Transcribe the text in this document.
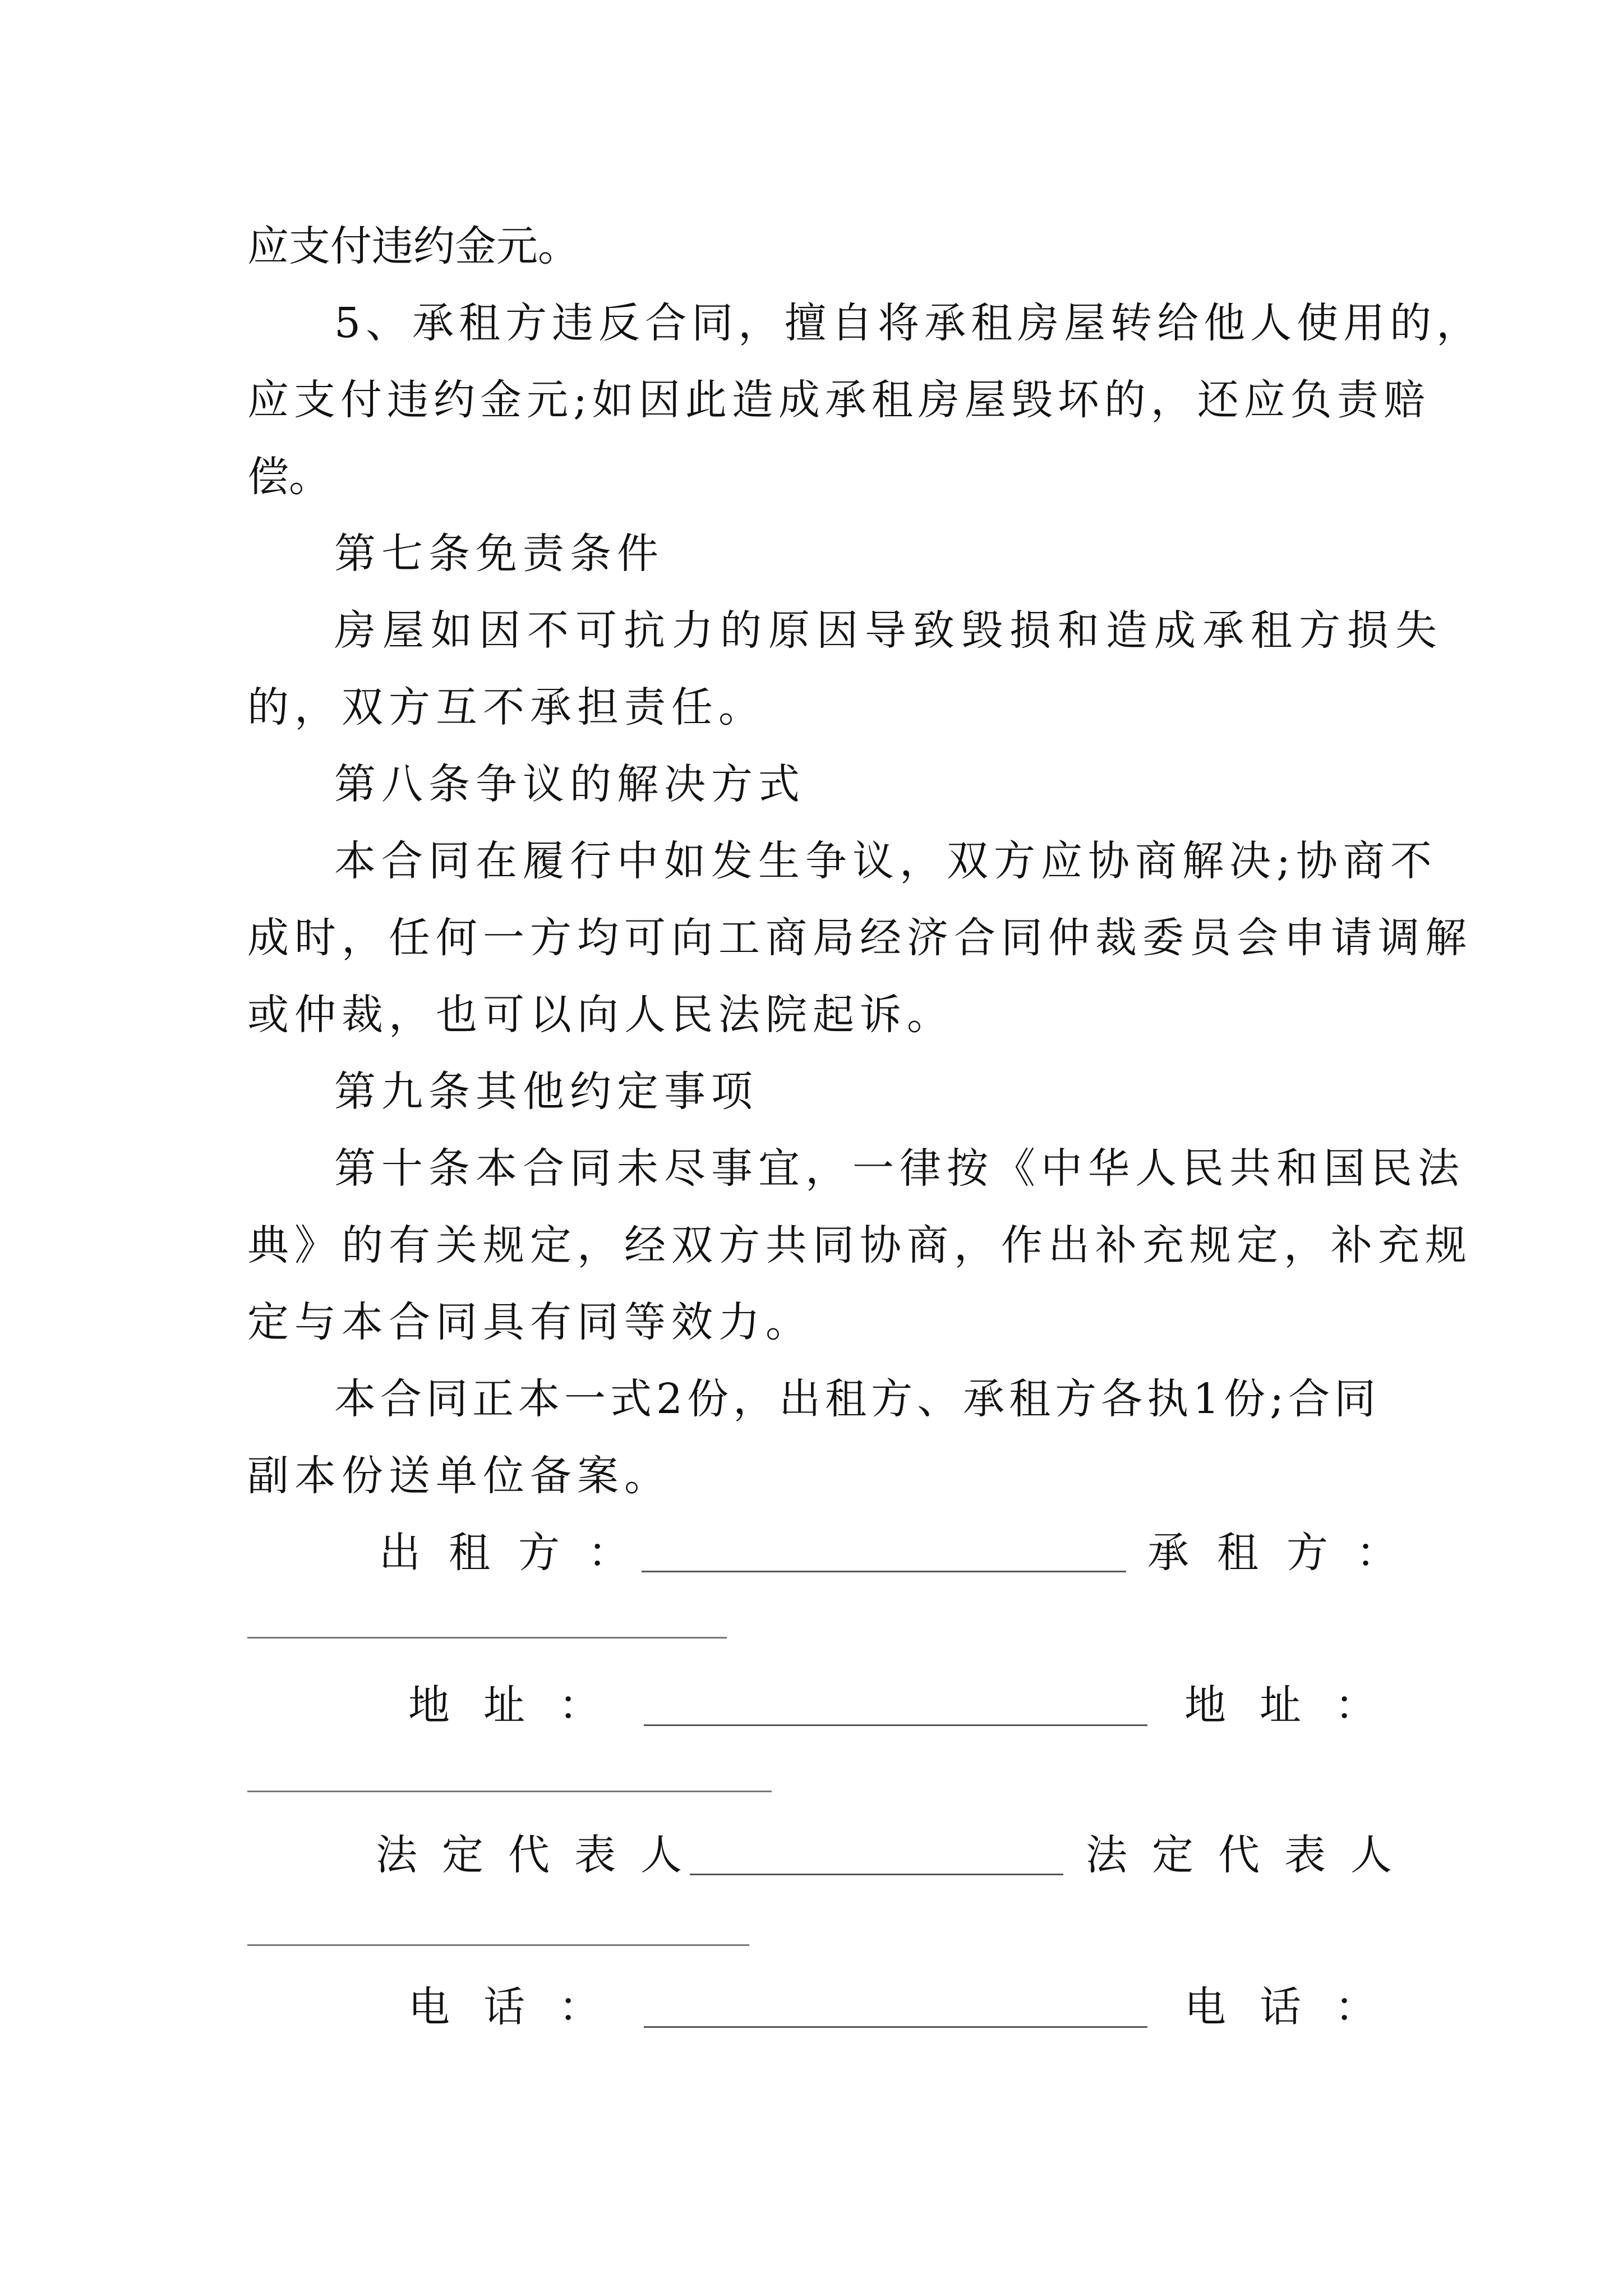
应支付违约金元。

5、承租方违反合同，擅自将承租房屋转给他人使用的，

应支付违约金元;如因此造成承租房屋毁坏的，还应负责赔

偿。

第七条免责条件

房屋如因不可抗力的原因导致毁损和造成承租方损失

的，双方互不承担责任。

第八条争议的解决方式

本合同在履行中如发生争议，双方应协商解决;协商不

成时，任何一方均可向工商局经济合同仲裁委员会申请调解

或仲裁，也可以向人民法院起诉。

第九条其他约定事项

第十条本合同未尽事宜，一律按《中华人民共和国民法

典》的有关规定，经双方共同协商，作出补充规定，补充规

定与本合同具有同等效力。

本合同正本一式2份，出租方、承租方各执1份;合同

副本份送单位备案。

出租方：	承租方：
地址：	地址：
法定代表人	法定代表人
电话：	电话：
